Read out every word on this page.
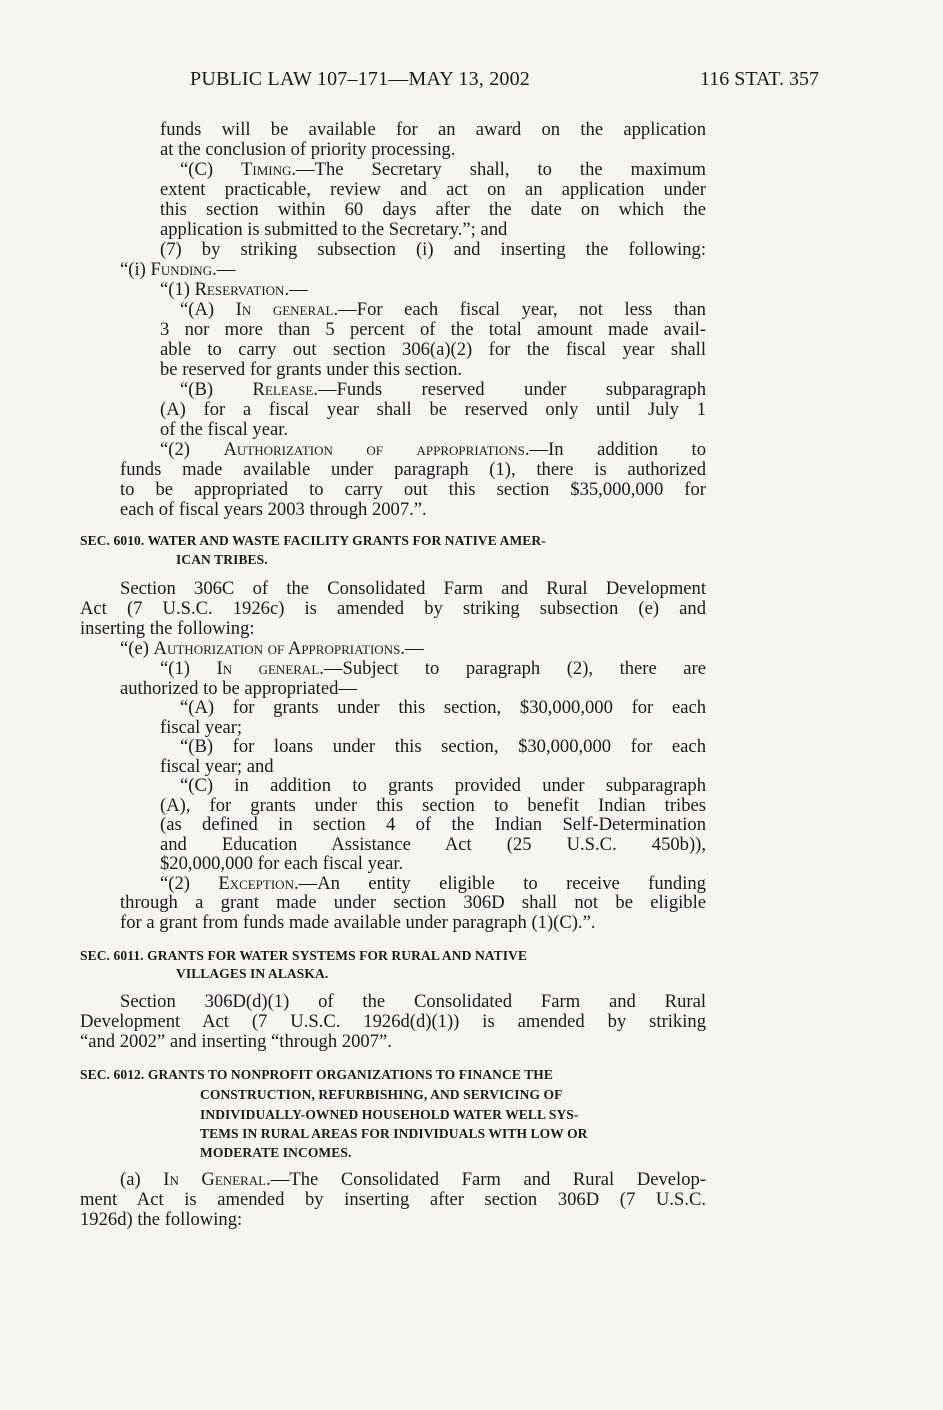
PUBLIC LAW 107–171—MAY 13, 2002	116 STAT. 357
funds will be available for an award on the application
at the conclusion of priority processing.
“(C) Timing.—The Secretary shall, to the maximum
extent practicable, review and act on an application under
this section within 60 days after the date on which the
application is submitted to the Secretary.”; and
(7) by striking subsection (i) and inserting the following:
“(i) Funding.—
“(1) Reservation.—
“(A) In general.—For each fiscal year, not less than
3 nor more than 5 percent of the total amount made avail-
able to carry out section 306(a)(2) for the fiscal year shall
be reserved for grants under this section.
“(B) Release.—Funds reserved under subparagraph
(A) for a fiscal year shall be reserved only until July 1
of the fiscal year.
“(2) Authorization of appropriations.—In addition to
funds made available under paragraph (1), there is authorized
to be appropriated to carry out this section $35,000,000 for
each of fiscal years 2003 through 2007.”.
SEC. 6010. WATER AND WASTE FACILITY GRANTS FOR NATIVE AMER-
ICAN TRIBES.
Section 306C of the Consolidated Farm and Rural Development
Act (7 U.S.C. 1926c) is amended by striking subsection (e) and
inserting the following:
“(e) Authorization of Appropriations.—
“(1) In general.—Subject to paragraph (2), there are
authorized to be appropriated—
“(A) for grants under this section, $30,000,000 for each
fiscal year;
“(B) for loans under this section, $30,000,000 for each
fiscal year; and
“(C) in addition to grants provided under subparagraph
(A), for grants under this section to benefit Indian tribes
(as defined in section 4 of the Indian Self-Determination
and Education Assistance Act (25 U.S.C. 450b)),
$20,000,000 for each fiscal year.
“(2) Exception.—An entity eligible to receive funding
through a grant made under section 306D shall not be eligible
for a grant from funds made available under paragraph (1)(C).”.
SEC. 6011. GRANTS FOR WATER SYSTEMS FOR RURAL AND NATIVE
VILLAGES IN ALASKA.
Section 306D(d)(1) of the Consolidated Farm and Rural
Development Act (7 U.S.C. 1926d(d)(1)) is amended by striking
“and 2002” and inserting “through 2007”.
SEC. 6012. GRANTS TO NONPROFIT ORGANIZATIONS TO FINANCE THE
CONSTRUCTION, REFURBISHING, AND SERVICING OF
INDIVIDUALLY-OWNED HOUSEHOLD WATER WELL SYS-
TEMS IN RURAL AREAS FOR INDIVIDUALS WITH LOW OR
MODERATE INCOMES.
(a) In General.—The Consolidated Farm and Rural Develop-
ment Act is amended by inserting after section 306D (7 U.S.C.
1926d) the following:
